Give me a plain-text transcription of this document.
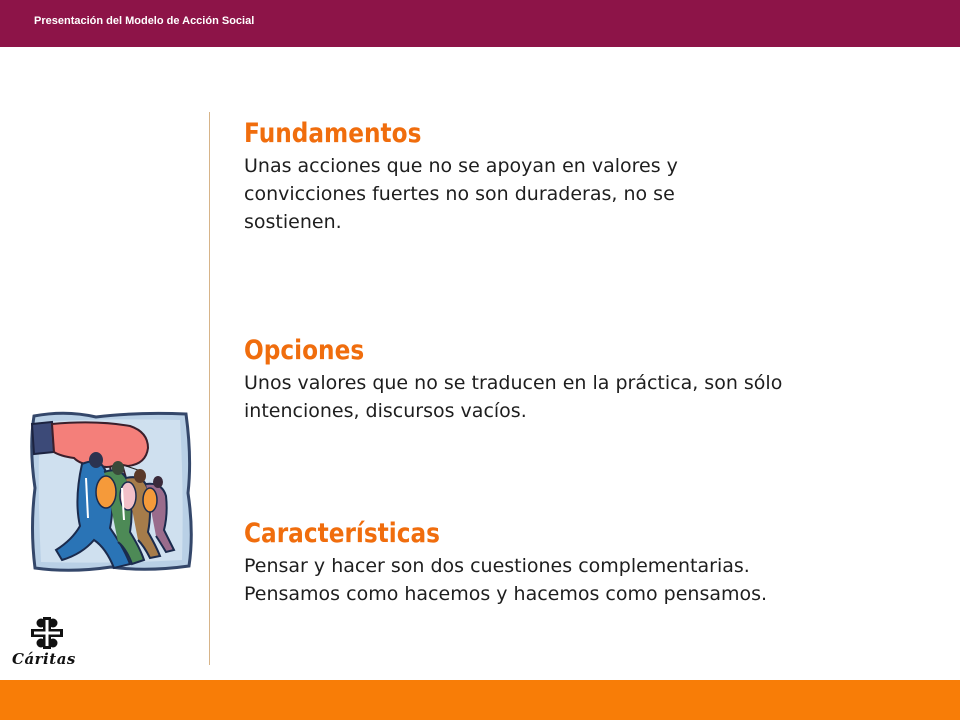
Presentación del Modelo de Acción Social
Fundamentos

Unas acciones que no se apoyan en valores y convicciones fuertes no son duraderas, no se sostienen.

Opciones

Unos valores que no se traducen en la práctica, son sólo intenciones, discursos vacíos.

Características

Pensar y hacer son dos cuestiones complementarias. Pensamos como hacemos y hacemos como pensamos.

Cáritas
